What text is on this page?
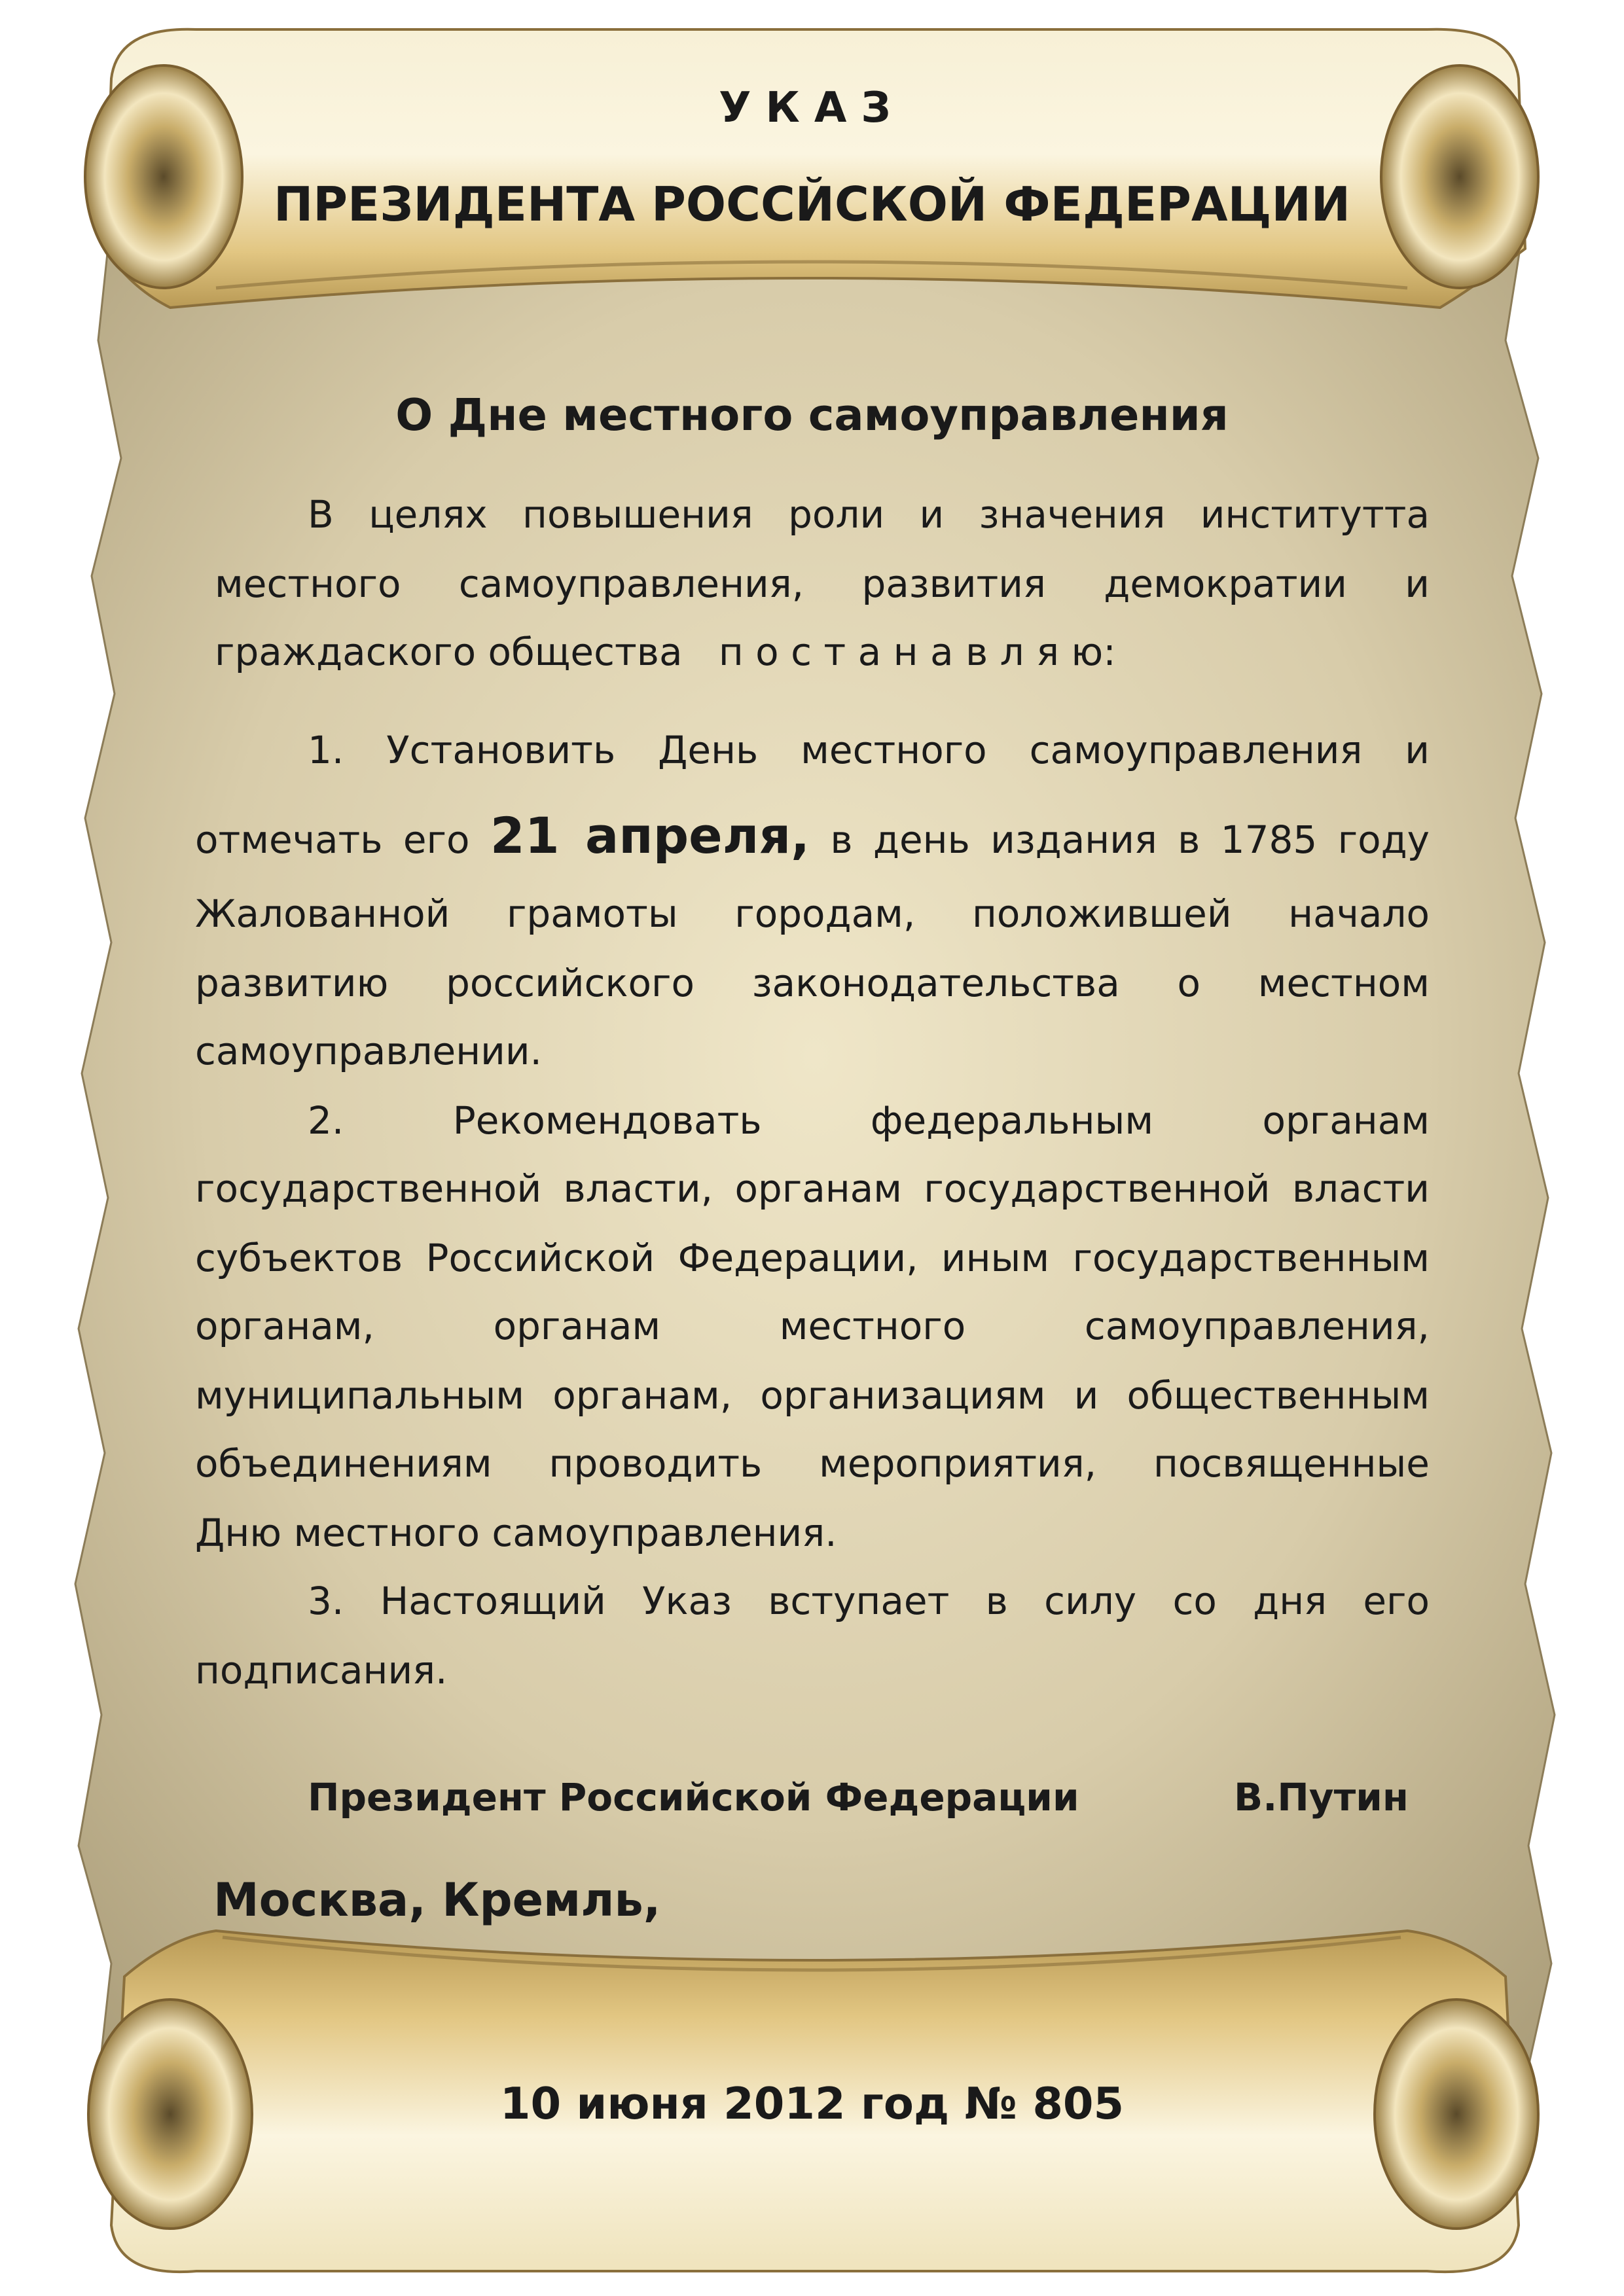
УКАЗ

ПРЕЗИДЕНТА РОССЙСКОЙ ФЕДЕРАЦИИ

О Дне местного самоуправления

В целях повышения роли и значения институтта
местного самоуправления, развития демократии и
граждаского общества п о с т а н а в л я ю:
1. Установить День местного самоуправления и
отмечать его 21 апреля, в день издания в 1785 году
Жалованной грамоты городам, положившей начало
развитию российского законодательства о местном
самоуправлении.
2. Рекомендовать федеральным органам
государственной власти, органам государственной власти
субъектов Российской Федерации, иным государственным
органам, органам местного самоуправления,
муниципальным органам, организациям и общественным
объединениям проводить мероприятия, посвященные
Дню местного самоуправления.
3. Настоящий Указ вступает в силу со дня его
подписания.

Президент Российской Федерации	В.Путин

Москва, Кремль,

10 июня 2012 год № 805
